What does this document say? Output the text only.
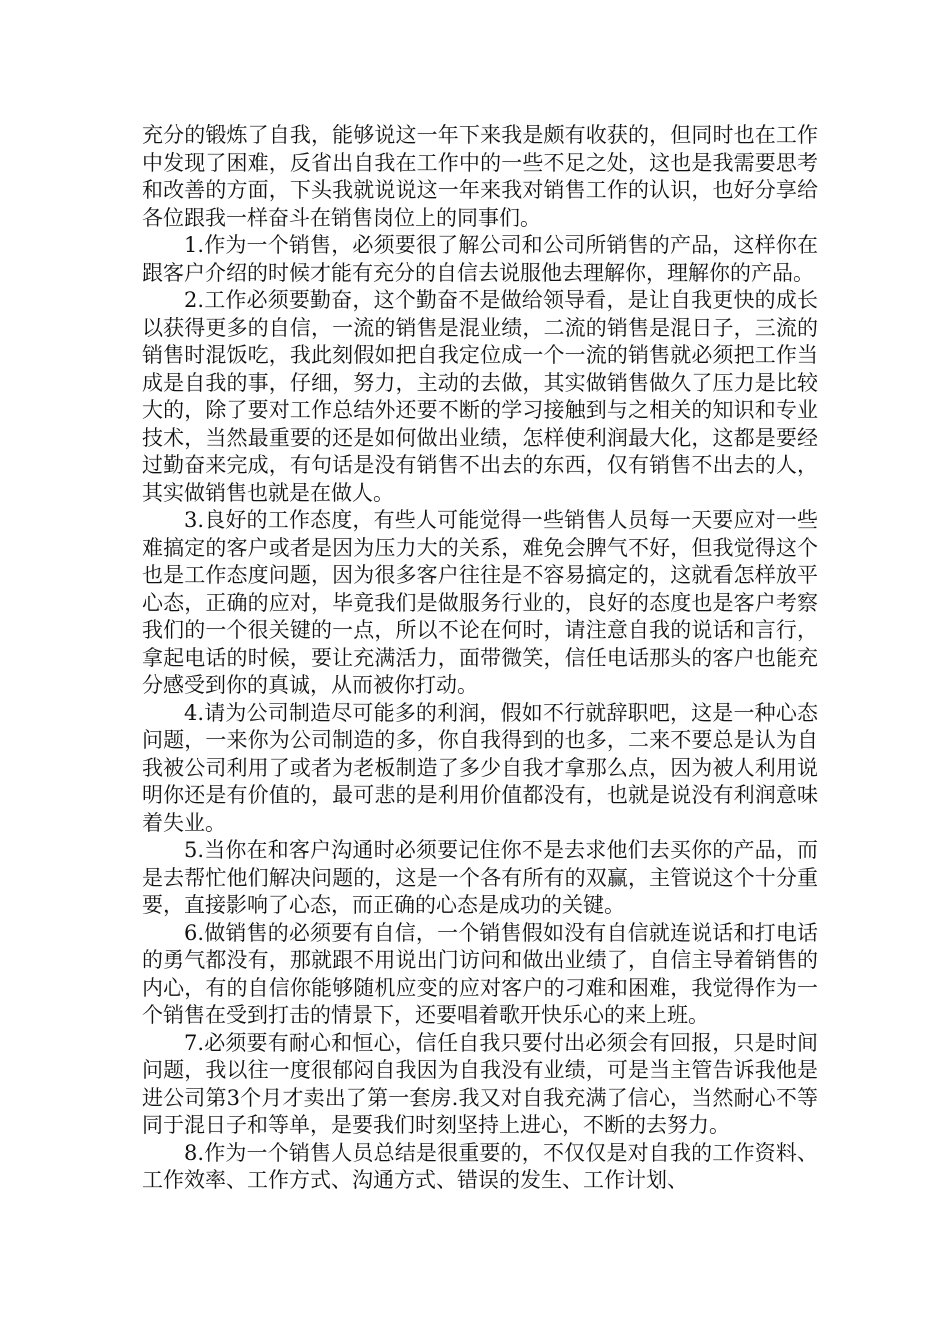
充分的锻炼了自我，能够说这一年下来我是颇有收获的，但同时也在工作中发现了困难，反省出自我在工作中的一些不足之处，这也是我需要思考和改善的方面，下头我就说说这一年来我对销售工作的认识，也好分享给各位跟我一样奋斗在销售岗位上的同事们。

1.作为一个销售，必须要很了解公司和公司所销售的产品，这样你在跟客户介绍的时候才能有充分的自信去说服他去理解你，理解你的产品。

2.工作必须要勤奋，这个勤奋不是做给领导看，是让自我更快的成长以获得更多的自信，一流的销售是混业绩，二流的销售是混日子，三流的销售时混饭吃，我此刻假如把自我定位成一个一流的销售就必须把工作当成是自我的事，仔细，努力，主动的去做，其实做销售做久了压力是比较大的，除了要对工作总结外还要不断的学习接触到与之相关的知识和专业技术，当然最重要的还是如何做出业绩，怎样使利润最大化，这都是要经过勤奋来完成，有句话是没有销售不出去的东西，仅有销售不出去的人，其实做销售也就是在做人。

3.良好的工作态度，有些人可能觉得一些销售人员每一天要应对一些难搞定的客户或者是因为压力大的关系，难免会脾气不好，但我觉得这个也是工作态度问题，因为很多客户往往是不容易搞定的，这就看怎样放平心态，正确的应对，毕竟我们是做服务行业的，良好的态度也是客户考察我们的一个很关键的一点，所以不论在何时，请注意自我的说话和言行，拿起电话的时候，要让充满活力，面带微笑，信任电话那头的客户也能充分感受到你的真诚，从而被你打动。

4.请为公司制造尽可能多的利润，假如不行就辞职吧，这是一种心态问题，一来你为公司制造的多，你自我得到的也多，二来不要总是认为自我被公司利用了或者为老板制造了多少自我才拿那么点，因为被人利用说明你还是有价值的，最可悲的是利用价值都没有，也就是说没有利润意味着失业。

5.当你在和客户沟通时必须要记住你不是去求他们去买你的产品，而是去帮忙他们解决问题的，这是一个各有所有的双赢，主管说这个十分重要，直接影响了心态，而正确的心态是成功的关键。

6.做销售的必须要有自信，一个销售假如没有自信就连说话和打电话的勇气都没有，那就跟不用说出门访问和做出业绩了，自信主导着销售的内心，有的自信你能够随机应变的应对客户的刁难和困难，我觉得作为一个销售在受到打击的情景下，还要唱着歌开快乐心的来上班。

7.必须要有耐心和恒心，信任自我只要付出必须会有回报，只是时间问题，我以往一度很郁闷自我因为自我没有业绩，可是当主管告诉我他是进公司第3个月才卖出了第一套房.我又对自我充满了信心，当然耐心不等同于混日子和等单，是要我们时刻坚持上进心，不断的去努力。

8.作为一个销售人员总结是很重要的，不仅仅是对自我的工作资料、工作效率、工作方式、沟通方式、错误的发生、工作计划、
